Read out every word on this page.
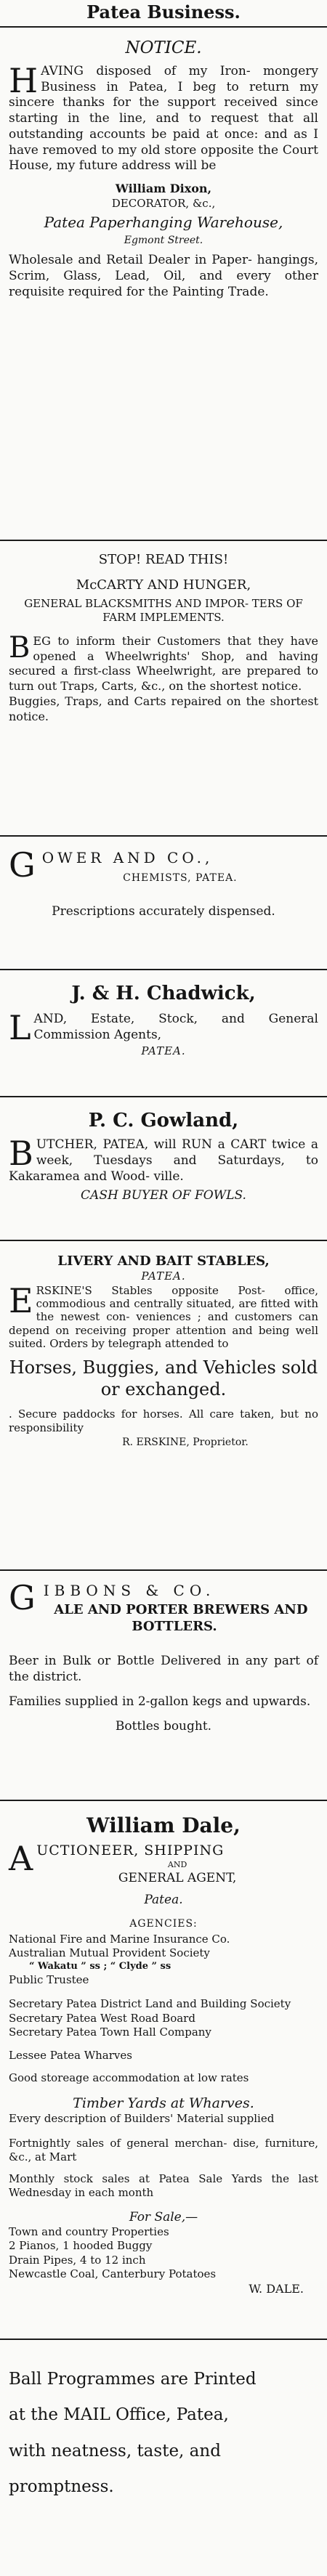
Patea Business.

NOTICE.

H AVING disposed of my Iron- mongery Business in Patea, I beg to return my sincere thanks for the support received since starting in the line, and to request that all outstanding accounts be paid at once: and as I have removed to my old store opposite the Court House, my future address will be

William Dixon,

DECORATOR, &c.,

Patea Paperhanging Warehouse,

Egmont Street.

Wholesale and Retail Dealer in Paper- hangings, Scrim, Glass, Lead, Oil, and every other requisite required for the Painting Trade.

STOP! READ THIS!

McCARTY AND HUNGER,

GENERAL BLACKSMITHS AND IMPOR- TERS OF FARM IMPLEMENTS.

B EG to inform their Customers that they have opened a Wheelwrights' Shop, and having secured a first-class Wheelwright, are prepared to turn out Traps, Carts, &c., on the shortest notice.

Buggies, Traps, and Carts repaired on the shortest notice.

G OWER AND CO.,

CHEMISTS, PATEA.

Prescriptions accurately dispensed.

J. & H. Chadwick,

L AND, Estate, Stock, and General Commission Agents,

PATEA.

P. C. Gowland,

B UTCHER, PATEA, will RUN a CART twice a week, Tuesdays and Saturdays, to Kakaramea and Wood- ville.

CASH BUYER OF FOWLS.

LIVERY AND BAIT STABLES,

PATEA.

E RSKINE'S Stables opposite Post- office, commodious and centrally situated, are fitted with the newest con- veniences ; and customers can depend on receiving proper attention and being well suited. Orders by telegraph attended to

Horses, Buggies, and Vehicles sold or exchanged.

. Secure paddocks for horses. All care taken, but no responsibility

R. ERSKINE, Proprietor.

G IBBONS & CO.

ALE AND PORTER BREWERS AND BOTTLERS.

Beer in Bulk or Bottle Delivered in any part of the district.

Families supplied in 2-gallon kegs and upwards.

Bottles bought.

William Dale,

A UCTIONEER, SHIPPING

AND

GENERAL AGENT,

Patea.

AGENCIES:

National Fire and Marine Insurance Co.

Australian Mutual Provident Society

“ Wakatu ” ss ; “ Clyde ” ss

Public Trustee

Secretary Patea District Land and Building Society

Secretary Patea West Road Board

Secretary Patea Town Hall Company

Lessee Patea Wharves

Good storeage accommodation at low rates

Timber Yards at Wharves.

Every description of Builders' Material supplied

Fortnightly sales of general merchan- dise, furniture, &c., at Mart

Monthly stock sales at Patea Sale Yards the last Wednesday in each month

For Sale,—

Town and country Properties

2 Pianos, 1 hooded Buggy

Drain Pipes, 4 to 12 inch

Newcastle Coal, Canterbury Potatoes

W. DALE.

Ball Programmes are Printed

at the MAIL Office, Patea,

with neatness, taste, and

promptness.
